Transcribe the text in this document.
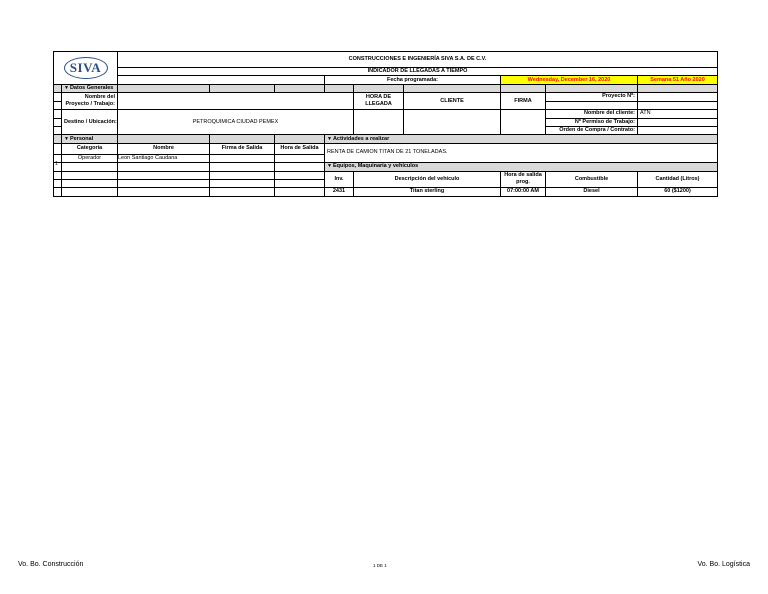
SIVA		CONSTRUCCIONES E INGENIERÍA SIVA S.A. DE C.V.								
		INDICADOR DE LLEGADAS A TIEMPO								
					Fecha programada:			Wednesday, December 16, 2020		Semana 51 Año 2020
	▼Datos Generales									
	Nombre del Proyecto / Trabajo:					HORA DE LLEGADA	CLIENTE	FIRMA	Proyecto Nº:	

	Destino / Ubicación:	PETROQUIMICA CIUDAD PEMEX							Nombre del cliente:	ATN
									Nº Permiso de Trabajo:	
									Orden de Compra / Contrato:	
	▼Personal				▼Actividades a realizar					
	Categoría	Nombre	Firma de Salida	Hora de Salida	RENTA DE CAMION TITAN DE 21 TONELADAS.					
	Operador	Leon Santiago Caudana								
					▼Equipos, Maquinaria y vehículos					
					Inv.	Descripción del vehículo		Hora de salida prog.	Combustible	Cantidad (Litros)

					2431	Titan sterling		07:00:00 AM	Diesel	60 ($1200)
1
Vo. Bo. Construcción	1 DE 1	Vo. Bo. Logística
